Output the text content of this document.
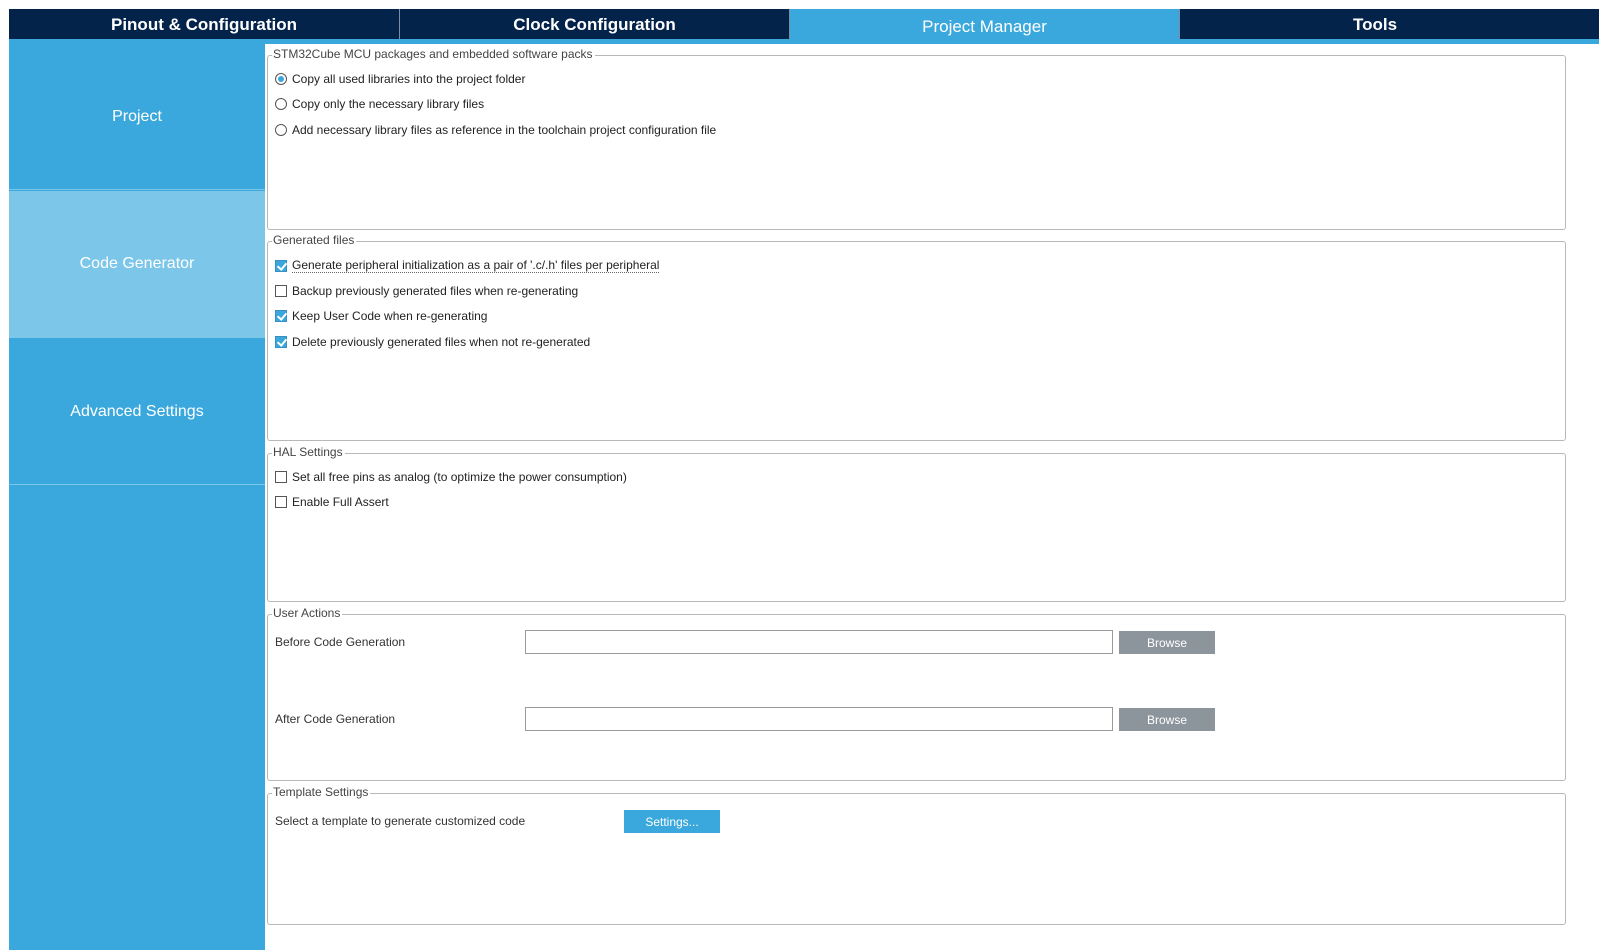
Pinout & Configuration	Clock Configuration	Project Manager	Tools
Project
Code Generator
Advanced Settings
STM32Cube MCU packages and embedded software packs
Copy all used libraries into the project folder
Copy only the necessary library files
Add necessary library files as reference in the toolchain project configuration file
Generated files
Generate peripheral initialization as a pair of '.c/.h' files per peripheral
Backup previously generated files when re-generating
Keep User Code when re-generating
Delete previously generated files when not re-generated
HAL Settings
Set all free pins as analog (to optimize the power consumption)
Enable Full Assert
User Actions
Before Code Generation	Browse
After Code Generation	Browse
Template Settings
Select a template to generate customized code	Settings...
